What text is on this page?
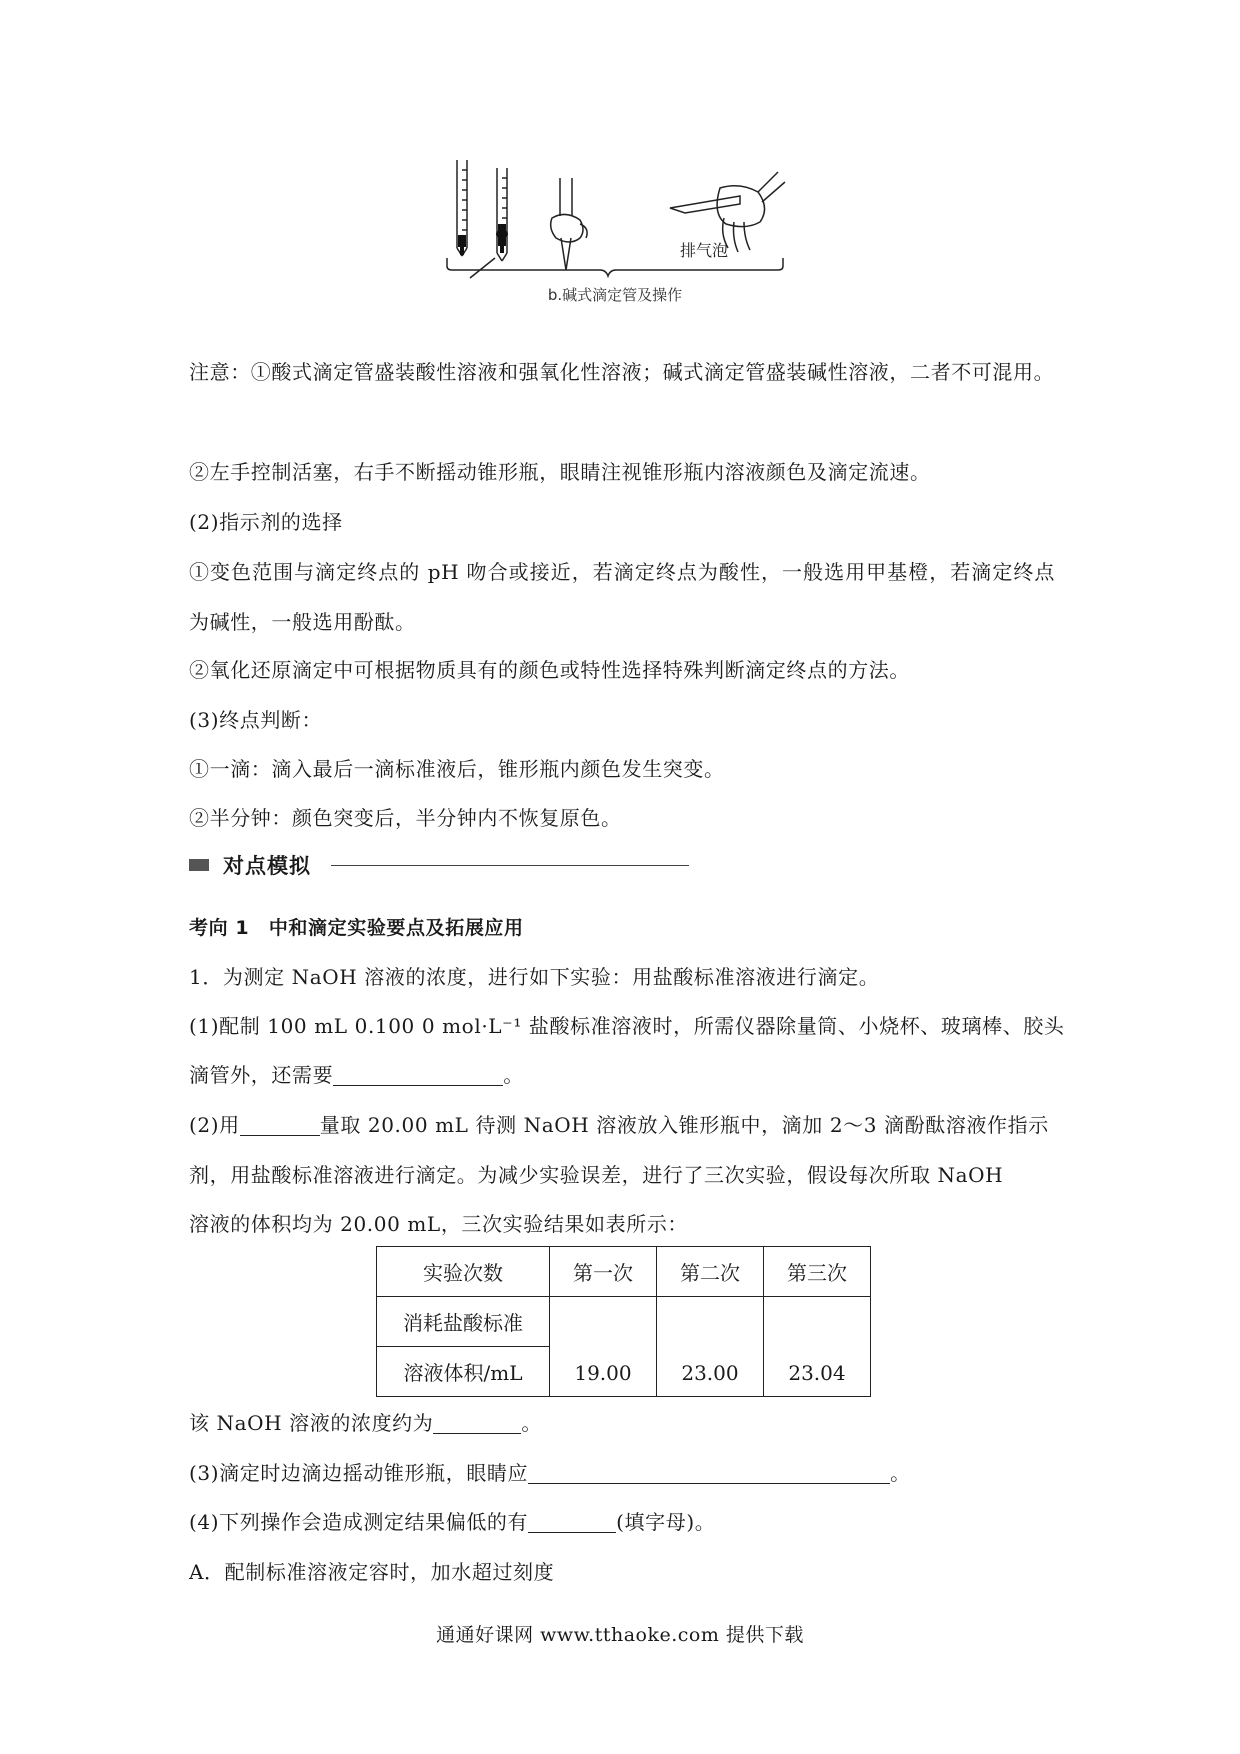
排气泡
b.碱式滴定管及操作
注意：①酸式滴定管盛装酸性溶液和强氧化性溶液；碱式滴定管盛装碱性溶液，二者不可混用。
②左手控制活塞，右手不断摇动锥形瓶，眼睛注视锥形瓶内溶液颜色及滴定流速。
(2)指示剂的选择
①变色范围与滴定终点的 pH 吻合或接近，若滴定终点为酸性，一般选用甲基橙，若滴定终点为碱性，一般选用酚酞。
②氧化还原滴定中可根据物质具有的颜色或特性选择特殊判断滴定终点的方法。
(3)终点判断：
①一滴：滴入最后一滴标准液后，锥形瓶内颜色发生突变。
②半分钟：颜色突变后，半分钟内不恢复原色。
对点模拟
考向 1　中和滴定实验要点及拓展应用
1．为测定 NaOH 溶液的浓度，进行如下实验：用盐酸标准溶液进行滴定。
(1)配制 100 mL 0.100 0 mol·L⁻¹ 盐酸标准溶液时，所需仪器除量筒、小烧杯、玻璃棒、胶头
滴管外，还需要	。
(2)用	量取 20.00 mL 待测 NaOH 溶液放入锥形瓶中，滴加 2～3 滴酚酞溶液作指示
剂，用盐酸标准溶液进行滴定。为减少实验误差，进行了三次实验，假设每次所取 NaOH
溶液的体积均为 20.00 mL，三次实验结果如表所示：
实验次数	第一次	第二次	第三次
消耗盐酸标准	19.00	23.00	23.04
溶液体积/mL			
该 NaOH 溶液的浓度约为	。
(3)滴定时边滴边摇动锥形瓶，眼睛应	。
(4)下列操作会造成测定结果偏低的有	(填字母)。
A．配制标准溶液定容时，加水超过刻度
通通好课网 www.tthaoke.com 提供下载
